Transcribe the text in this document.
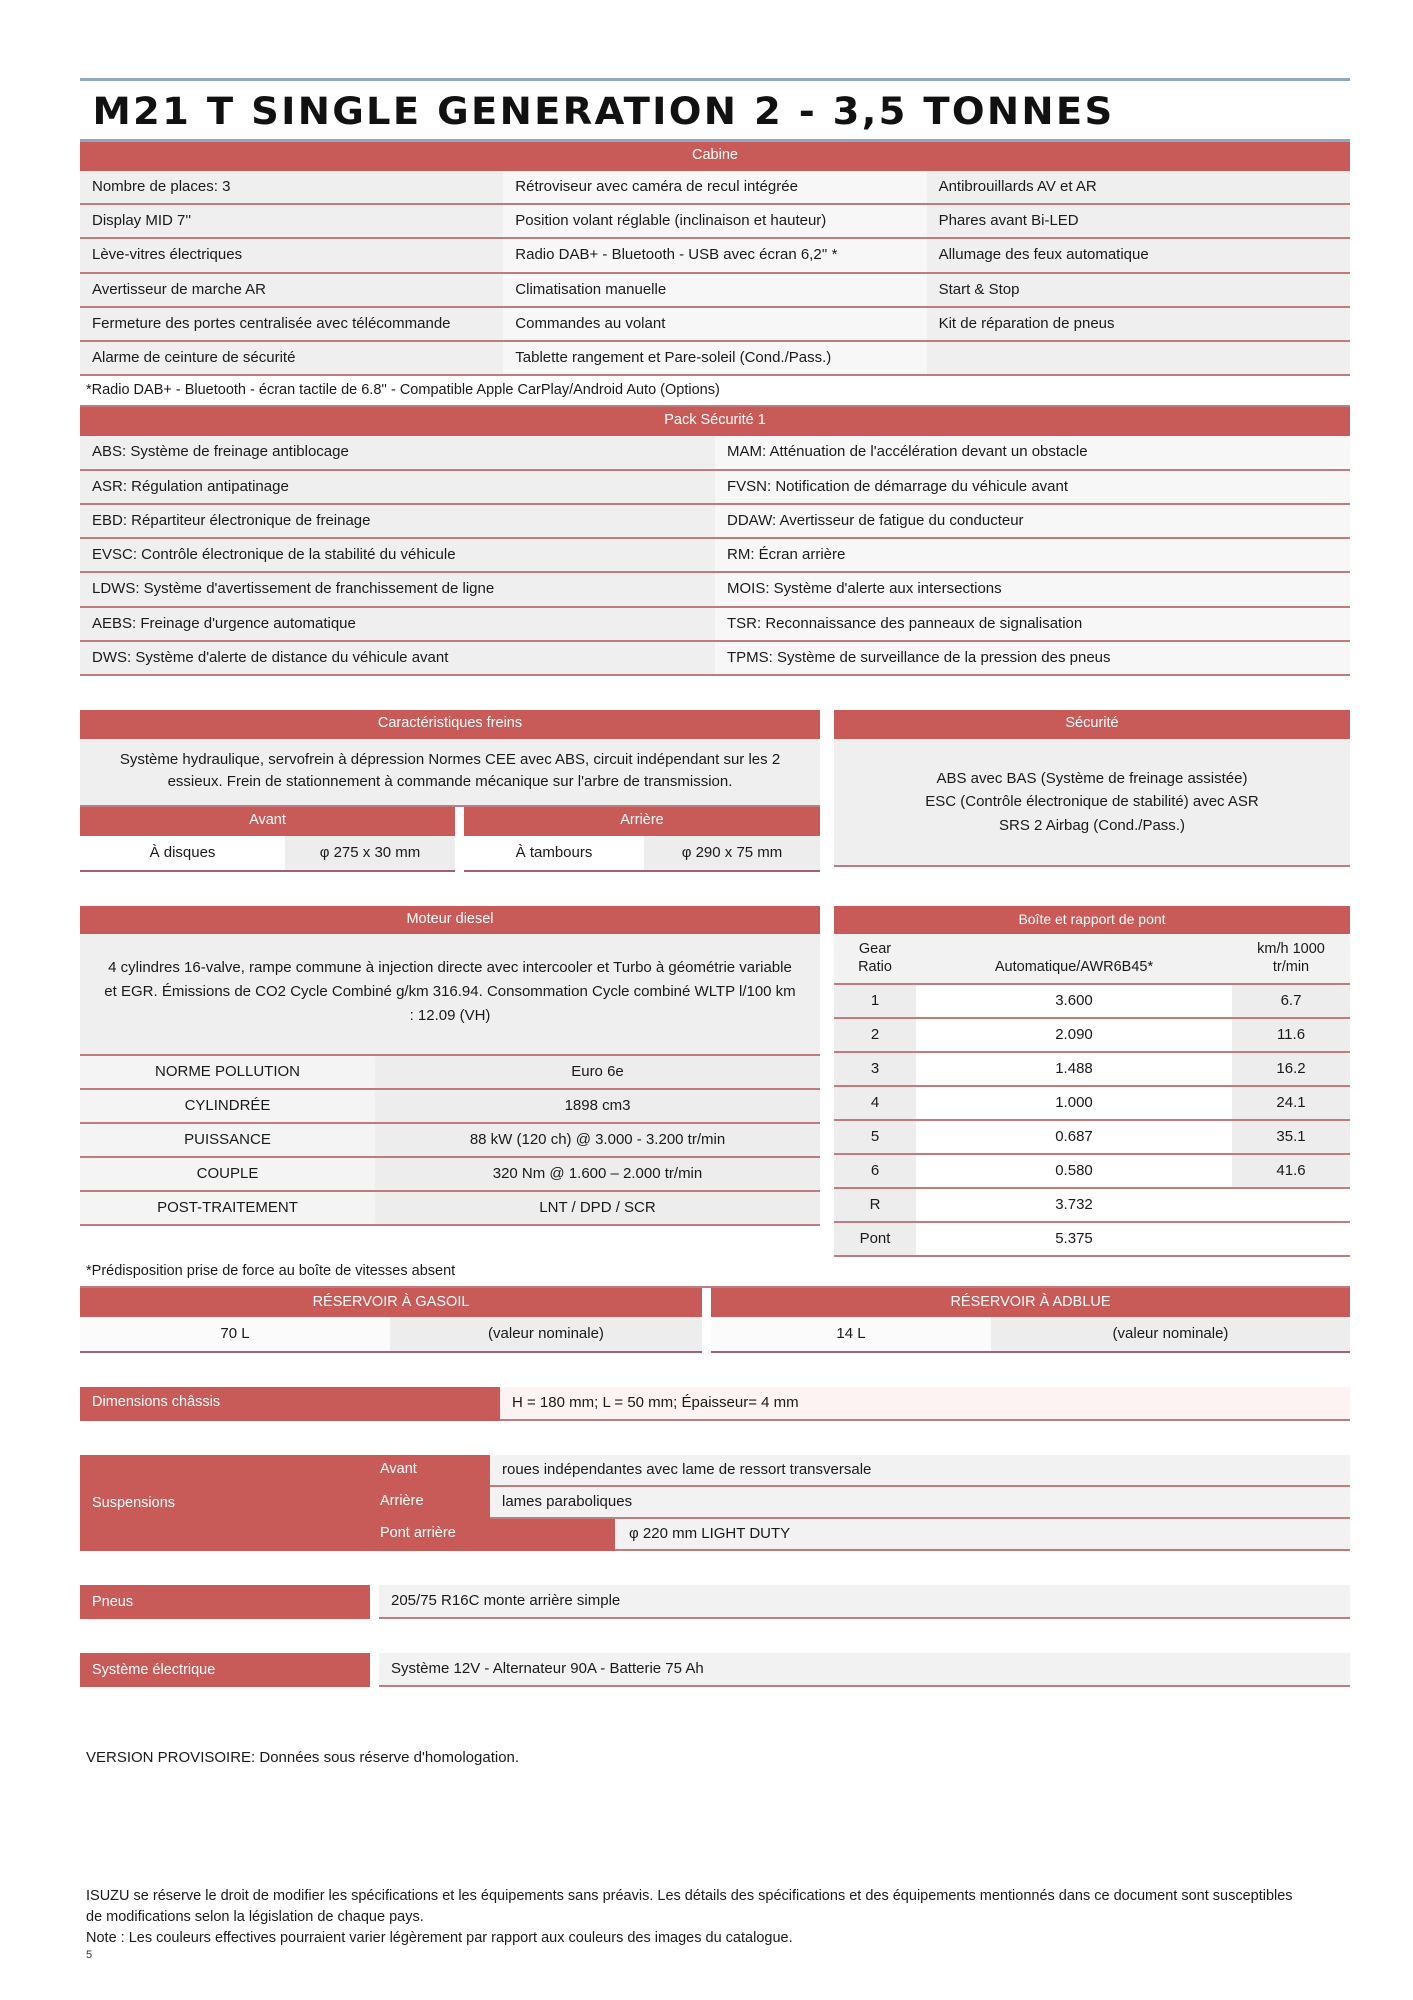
M21 T SINGLE GENERATION 2 - 3,5 TONNES
Cabine
Nombre de places: 3	Rétroviseur avec caméra de recul intégrée	Antibrouillards AV et AR
Display MID 7''	Position volant réglable (inclinaison et hauteur)	Phares avant Bi-LED
Lève-vitres électriques	Radio DAB+ - Bluetooth - USB avec écran 6,2'' *	Allumage des feux automatique
Avertisseur de marche AR	Climatisation manuelle	Start & Stop
Fermeture des portes centralisée avec télécommande	Commandes au volant	Kit de réparation de pneus
Alarme de ceinture de sécurité	Tablette rangement et Pare-soleil (Cond./Pass.)
*Radio DAB+ - Bluetooth - écran tactile de 6.8'' - Compatible Apple CarPlay/Android Auto (Options)
Pack Sécurité 1
ABS: Système de freinage antiblocage	MAM: Atténuation de l'accélération devant un obstacle
ASR: Régulation antipatinage	FVSN: Notification de démarrage du véhicule avant
EBD: Répartiteur électronique de freinage	DDAW: Avertisseur de fatigue du conducteur
EVSC: Contrôle électronique de la stabilité du véhicule	RM: Écran arrière
LDWS: Système d'avertissement de franchissement de ligne	MOIS: Système d'alerte aux intersections
AEBS: Freinage d'urgence automatique	TSR: Reconnaissance des panneaux de signalisation
DWS: Système d'alerte de distance du véhicule avant	TPMS: Système de surveillance de la pression des pneus
Caractéristiques freins
Système hydraulique, servofrein à dépression Normes CEE avec ABS, circuit indépendant sur les 2 essieux. Frein de stationnement à commande mécanique sur l'arbre de transmission.
Avant	Arrière
À disques	φ 275 x 30 mm	À tambours	φ 290 x 75 mm
Sécurité
ABS avec BAS (Système de freinage assistée)
ESC (Contrôle électronique de stabilité) avec ASR
SRS 2 Airbag (Cond./Pass.)
Moteur diesel
4 cylindres 16-valve, rampe commune à injection directe avec intercooler et Turbo à géométrie variable et EGR. Émissions de CO2 Cycle Combiné g/km 316.94. Consommation Cycle combiné WLTP l/100 km : 12.09 (VH)
NORME POLLUTION	Euro 6e
CYLINDRÉE	1898 cm3
PUISSANCE	88 kW (120 ch) @ 3.000 - 3.200 tr/min
COUPLE	320 Nm @ 1.600 – 2.000 tr/min
POST-TRAITEMENT	LNT / DPD / SCR
Boîte et rapport de pont
Gear
Ratio	Automatique/AWR6B45*
km/h 1000
tr/min
1	3.600	6.7
2	2.090	11.6
3	1.488	16.2
4	1.000	24.1
5	0.687	35.1
6	0.580	41.6
R	3.732
Pont	5.375
*Prédisposition prise de force au boîte de vitesses absent
RÉSERVOIR À GASOIL	RÉSERVOIR À ADBLUE
70 L	(valeur nominale)	14 L	(valeur nominale)
Dimensions châssis	H = 180 mm; L = 50 mm; Épaisseur= 4 mm
Suspensions
Avant	roues indépendantes avec lame de ressort transversale
Arrière	lames paraboliques
Pont arrière	φ 220 mm LIGHT DUTY
Pneus	205/75 R16C monte arrière simple
Système électrique	Système 12V - Alternateur 90A - Batterie 75 Ah
VERSION PROVISOIRE: Données sous réserve d'homologation.
ISUZU se réserve le droit de modifier les spécifications et les équipements sans préavis. Les détails des spécifications et des équipements mentionnés dans ce document sont susceptibles
de modifications selon la législation de chaque pays.
Note : Les couleurs effectives pourraient varier légèrement par rapport aux couleurs des images du catalogue.
5
